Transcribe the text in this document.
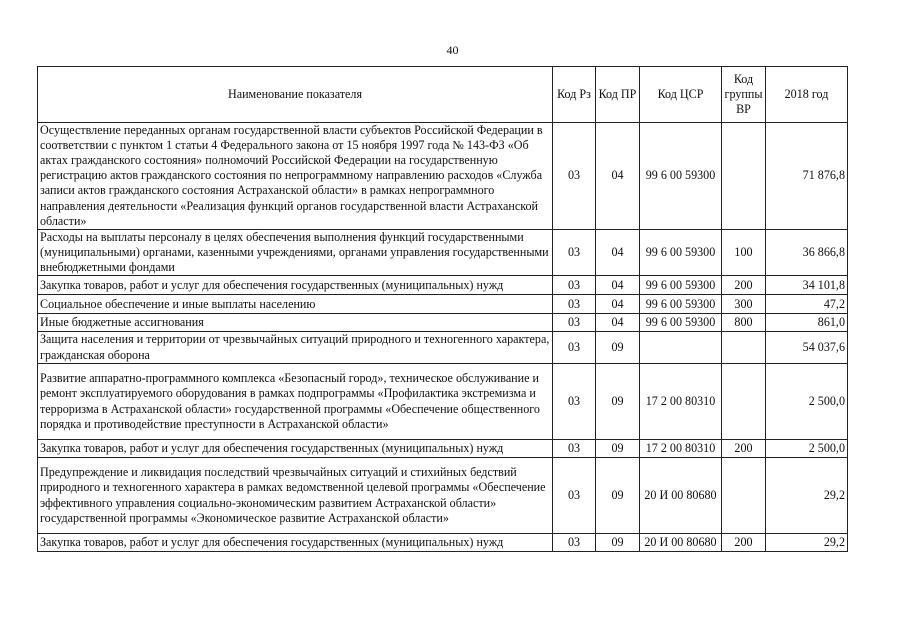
40
Наименование показателя	Код Рз	Код ПР	Код ЦСР	Код группы ВР	2018 год
Осуществление переданных органам государственной власти субъектов Российской Федерации в соответствии с пунктом 1 статьи 4 Федерального закона от 15 ноября 1997 года № 143-ФЗ «Об актах гражданского состояния» полномочий Российской Федерации на государственную регистрацию актов гражданского состояния по непрограммному направлению расходов «Служба записи актов гражданского состояния Астраханской области» в рамках непрограммного направления деятельности «Реализация функций органов государственной власти Астраханской области»	03	04	99 6 00 59300		71 876,8
Расходы на выплаты персоналу в целях обеспечения выполнения функций государственными (муниципальными) органами, казенными учреждениями, органами управления государственными внебюджетными фондами	03	04	99 6 00 59300	100	36 866,8
Закупка товаров, работ и услуг для обеспечения государственных (муниципальных) нужд	03	04	99 6 00 59300	200	34 101,8
Социальное обеспечение и иные выплаты населению	03	04	99 6 00 59300	300	47,2
Иные бюджетные ассигнования	03	04	99 6 00 59300	800	861,0
Защита населения и территории от чрезвычайных ситуаций природного и техногенного характера, гражданская оборона	03	09			54 037,6
Развитие аппаратно-программного комплекса «Безопасный город», техническое обслуживание и ремонт эксплуатируемого оборудования в рамках подпрограммы «Профилактика экстремизма и терроризма в Астраханской области» государственной программы «Обеспечение общественного порядка и противодействие преступности в Астраханской области»	03	09	17 2 00 80310		2 500,0
Закупка товаров, работ и услуг для обеспечения государственных (муниципальных) нужд	03	09	17 2 00 80310	200	2 500,0
Предупреждение и ликвидация последствий чрезвычайных ситуаций и стихийных бедствий природного и техногенного характера в рамках ведомственной целевой программы «Обеспечение эффективного управления социально-экономическим развитием Астраханской области» государственной программы «Экономическое развитие Астраханской области»	03	09	20 И 00 80680		29,2
Закупка товаров, работ и услуг для обеспечения государственных (муниципальных) нужд	03	09	20 И 00 80680	200	29,2
